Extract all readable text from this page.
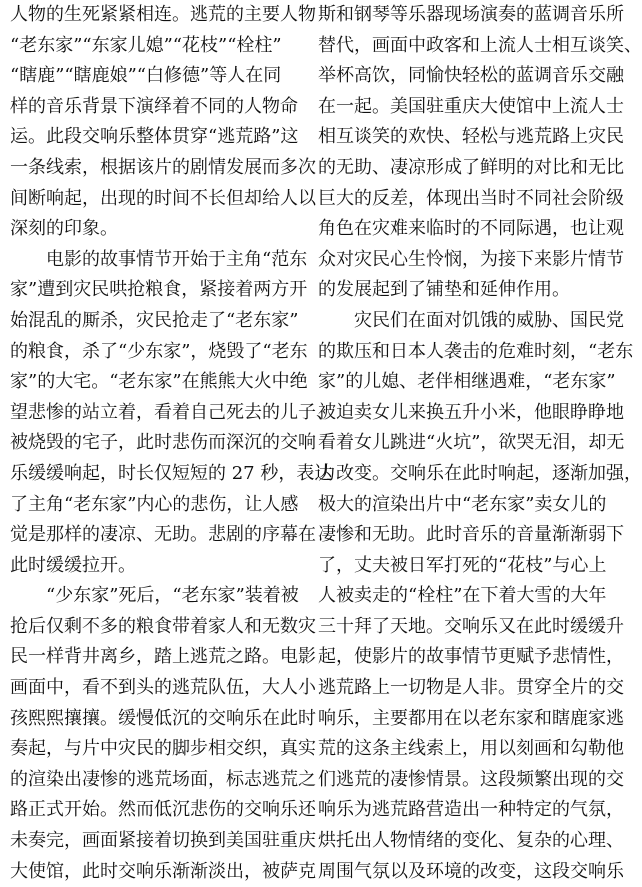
人物的生死紧紧相连。逃荒的主要人物
“老东家”“东家儿媳”“花枝”“栓柱”
“瞎鹿”“瞎鹿娘”“白修德”等人在同
样的音乐背景下演绎着不同的人物命
运。此段交响乐整体贯穿“逃荒路”这
一条线索，根据该片的剧情发展而多次
间断响起，出现的时间不长但却给人以
深刻的印象。
电影的故事情节开始于主角“范东
家”遭到灾民哄抢粮食，紧接着两方开
始混乱的厮杀，灾民抢走了“老东家”
的粮食，杀了“少东家”，烧毁了“老东
家”的大宅。“老东家”在熊熊大火中绝
望悲惨的站立着，看着自己死去的儿子、
被烧毁的宅子，此时悲伤而深沉的交响
乐缓缓响起，时长仅短短的 27 秒，表达
了主角“老东家”内心的悲伤，让人感
觉是那样的凄凉、无助。悲剧的序幕在
此时缓缓拉开。
“少东家”死后，“老东家”装着被
抢后仅剩不多的粮食带着家人和无数灾
民一样背井离乡，踏上逃荒之路。电影
画面中，看不到头的逃荒队伍，大人小
孩熙熙攘攘。缓慢低沉的交响乐在此时
奏起，与片中灾民的脚步相交织，真实
的渲染出凄惨的逃荒场面，标志逃荒之
路正式开始。然而低沉悲伤的交响乐还
未奏完，画面紧接着切换到美国驻重庆
大使馆，此时交响乐渐渐淡出，被萨克
斯和钢琴等乐器现场演奏的蓝调音乐所
替代，画面中政客和上流人士相互谈笑、
举杯高饮，同愉快轻松的蓝调音乐交融
在一起。美国驻重庆大使馆中上流人士
相互谈笑的欢快、轻松与逃荒路上灾民
的无助、凄凉形成了鲜明的对比和无比
巨大的反差，体现出当时不同社会阶级
角色在灾难来临时的不同际遇，也让观
众对灾民心生怜悯，为接下来影片情节
的发展起到了铺垫和延伸作用。
灾民们在面对饥饿的威胁、国民党
的欺压和日本人袭击的危难时刻，“老东
家”的儿媳、老伴相继遇难，“老东家”
被迫卖女儿来换五升小米，他眼睁睁地
看着女儿跳进“火坑”，欲哭无泪，却无
力改变。交响乐在此时响起，逐渐加强，
极大的渲染出片中“老东家”卖女儿的
凄惨和无助。此时音乐的音量渐渐弱下
了，丈夫被日军打死的“花枝”与心上
人被卖走的“栓柱”在下着大雪的大年
三十拜了天地。交响乐又在此时缓缓升
起，使影片的故事情节更赋予悲情性，
逃荒路上一切物是人非。贯穿全片的交
响乐，主要都用在以老东家和瞎鹿家逃
荒的这条主线索上，用以刻画和勾勒他
们逃荒的凄惨情景。这段频繁出现的交
响乐为逃荒路营造出一种特定的气氛，
烘托出人物情绪的变化、复杂的心理、
周围气氛以及环境的改变，这段交响乐
